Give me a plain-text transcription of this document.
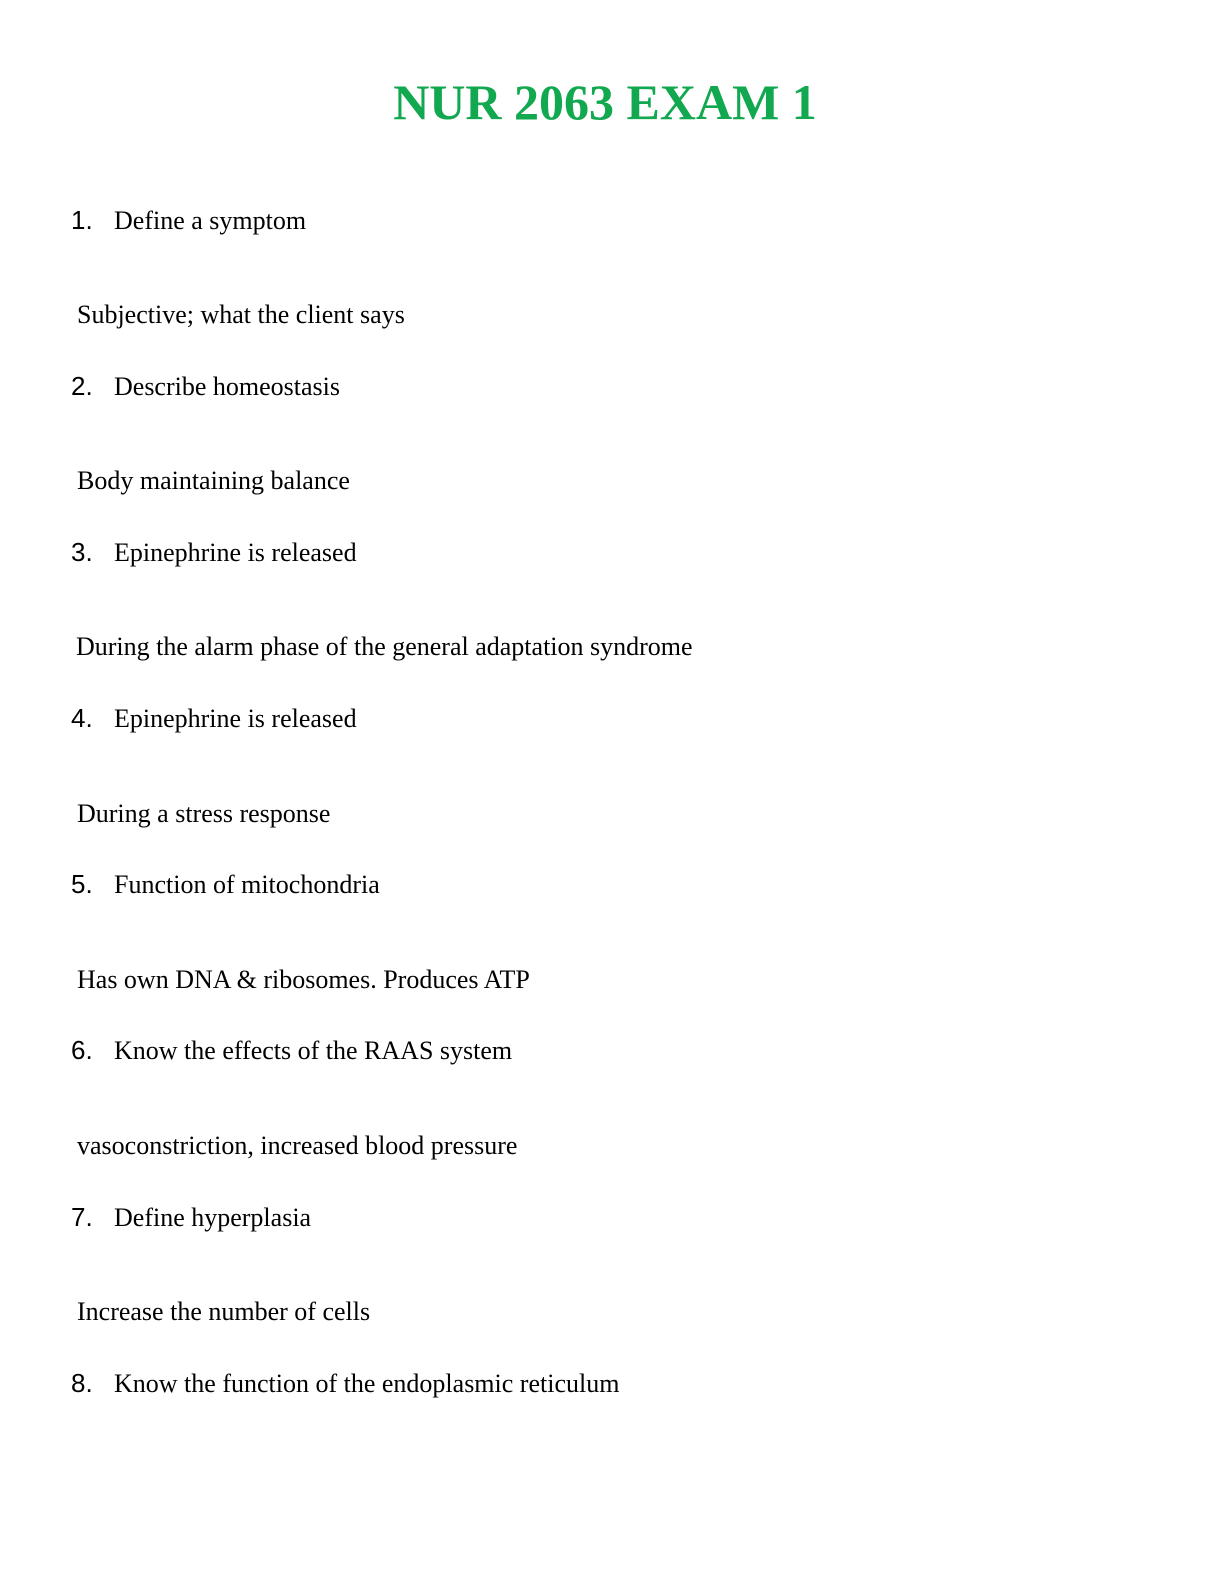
NUR 2063 EXAM 1
1. Define a symptom
Subjective; what the client says
2. Describe homeostasis
Body maintaining balance
3. Epinephrine is released
During the alarm phase of the general adaptation syndrome
4. Epinephrine is released
During a stress response
5. Function of mitochondria
Has own DNA & ribosomes. Produces ATP
6. Know the effects of the RAAS system
vasoconstriction, increased blood pressure
7. Define hyperplasia
Increase the number of cells
8. Know the function of the endoplasmic reticulum
